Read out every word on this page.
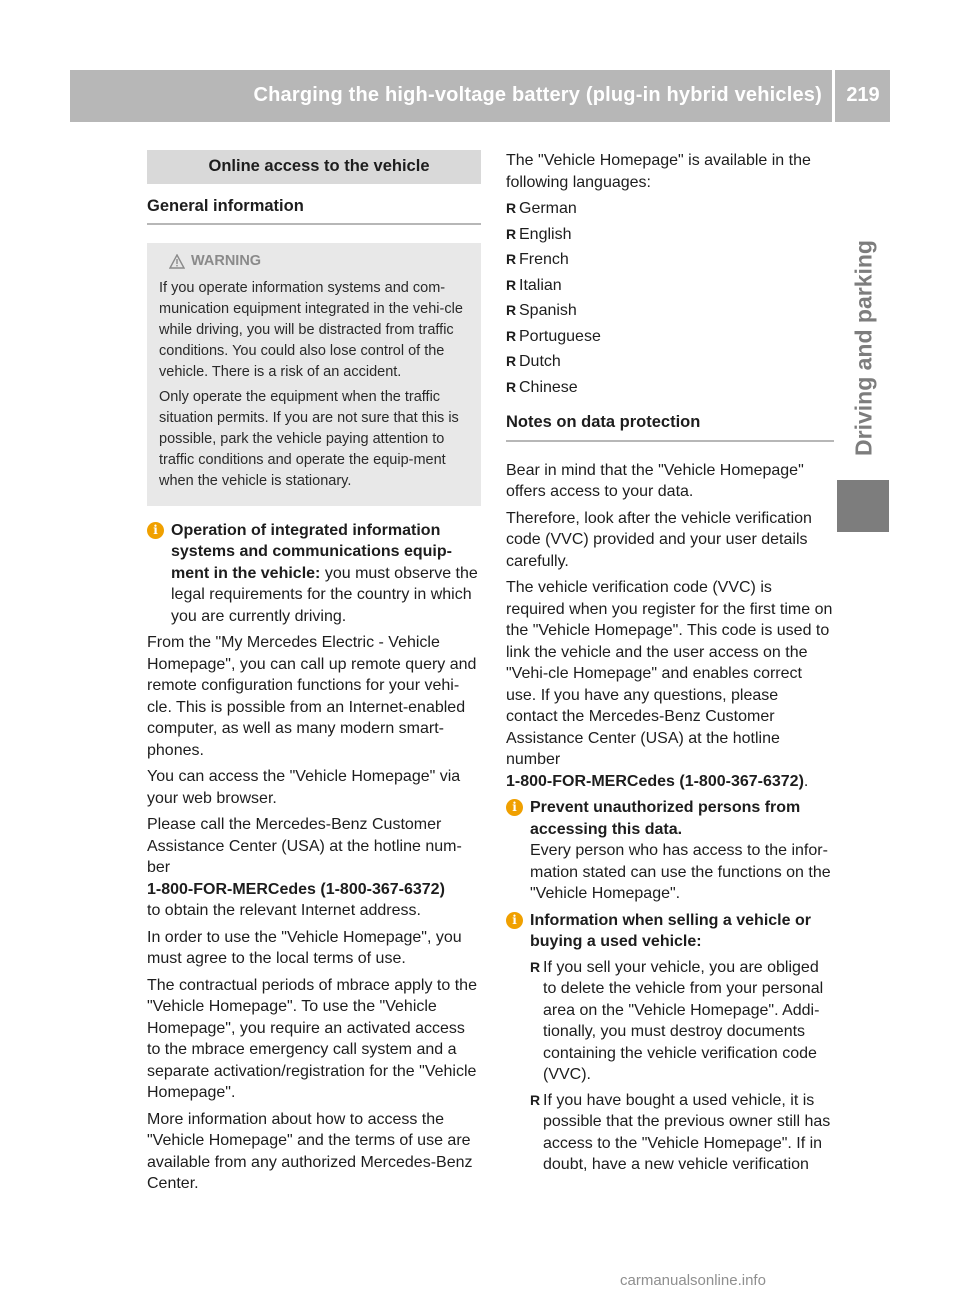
Charging the high-voltage battery (plug-in hybrid vehicles)	219
Driving and parking
Online access to the vehicle
General information
WARNING

If you operate information systems and com-munication equipment integrated in the vehi-cle while driving, you will be distracted from traffic conditions. You could also lose control of the vehicle. There is a risk of an accident.

Only operate the equipment when the traffic situation permits. If you are not sure that this is possible, park the vehicle paying attention to traffic conditions and operate the equip-ment when the vehicle is stationary.

i Operation of integrated information systems and communications equip-ment in the vehicle: you must observe the legal requirements for the country in which you are currently driving.

From the "My Mercedes Electric - Vehicle Homepage", you can call up remote query and remote configuration functions for your vehi-cle. This is possible from an Internet-enabled computer, as well as many modern smart-phones.

You can access the "Vehicle Homepage" via your web browser.

Please call the Mercedes-Benz Customer Assistance Center (USA) at the hotline num-ber

1-800-FOR-MERCedes (1-800-367-6372)

to obtain the relevant Internet address.

In order to use the "Vehicle Homepage", you must agree to the local terms of use.

The contractual periods of mbrace apply to the "Vehicle Homepage". To use the "Vehicle Homepage", you require an activated access to the mbrace emergency call system and a separate activation/registration for the "Vehicle Homepage".

More information about how to access the "Vehicle Homepage" and the terms of use are available from any authorized Mercedes-Benz Center.

The "Vehicle Homepage" is available in the following languages:

R German
R English
R French
R Italian
R Spanish
R Portuguese
R Dutch
R Chinese
Notes on data protection

Bear in mind that the "Vehicle Homepage" offers access to your data.

Therefore, look after the vehicle verification code (VVC) provided and your user details carefully.

The vehicle verification code (VVC) is required when you register for the first time on the "Vehicle Homepage". This code is used to link the vehicle and the user access on the "Vehi-cle Homepage" and enables correct use. If you have any questions, please contact the Mercedes-Benz Customer Assistance Center (USA) at the hotline number

1-800-FOR-MERCedes (1-800-367-6372).

i Prevent unauthorized persons from accessing this data.

Every person who has access to the infor-mation stated can use the functions on the "Vehicle Homepage".

i Information when selling a vehicle or buying a used vehicle:
R If you sell your vehicle, you are obliged to delete the vehicle from your personal area on the "Vehicle Homepage". Addi-tionally, you must destroy documents containing the vehicle verification code (VVC).
R If you have bought a used vehicle, it is possible that the previous owner still has access to the "Vehicle Homepage". If in doubt, have a new vehicle verification
carmanualsonline.info
